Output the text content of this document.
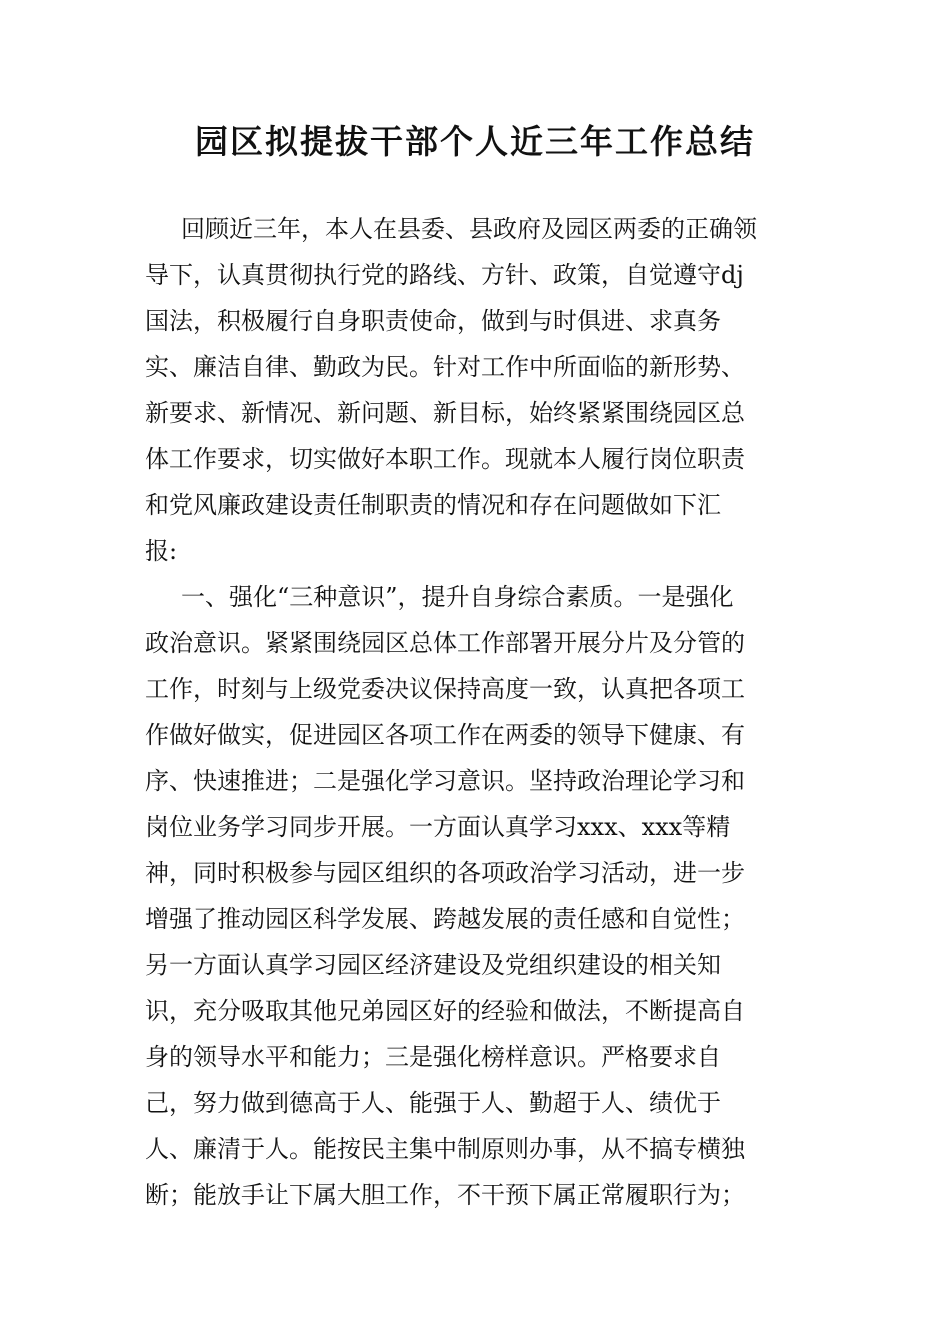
园区拟提拔干部个人近三年工作总结
回顾近三年，本人在县委、县政府及园区两委的正确领
导下，认真贯彻执行党的路线、方针、政策，自觉遵守dj
国法，积极履行自身职责使命，做到与时俱进、求真务
实、廉洁自律、勤政为民。针对工作中所面临的新形势、
新要求、新情况、新问题、新目标，始终紧紧围绕园区总
体工作要求，切实做好本职工作。现就本人履行岗位职责
和党风廉政建设责任制职责的情况和存在问题做如下汇
报:
一、强化“三种意识”，提升自身综合素质。一是强化
政治意识。紧紧围绕园区总体工作部署开展分片及分管的
工作，时刻与上级党委决议保持高度一致，认真把各项工
作做好做实，促进园区各项工作在两委的领导下健康、有
序、快速推进；二是强化学习意识。坚持政治理论学习和
岗位业务学习同步开展。一方面认真学习xxx、xxx等精
神，同时积极参与园区组织的各项政治学习活动，进一步
增强了推动园区科学发展、跨越发展的责任感和自觉性；
另一方面认真学习园区经济建设及党组织建设的相关知
识，充分吸取其他兄弟园区好的经验和做法，不断提高自
身的领导水平和能力；三是强化榜样意识。严格要求自
己，努力做到德高于人、能强于人、勤超于人、绩优于
人、廉清于人。能按民主集中制原则办事，从不搞专横独
断；能放手让下属大胆工作，不干预下属正常履职行为；
